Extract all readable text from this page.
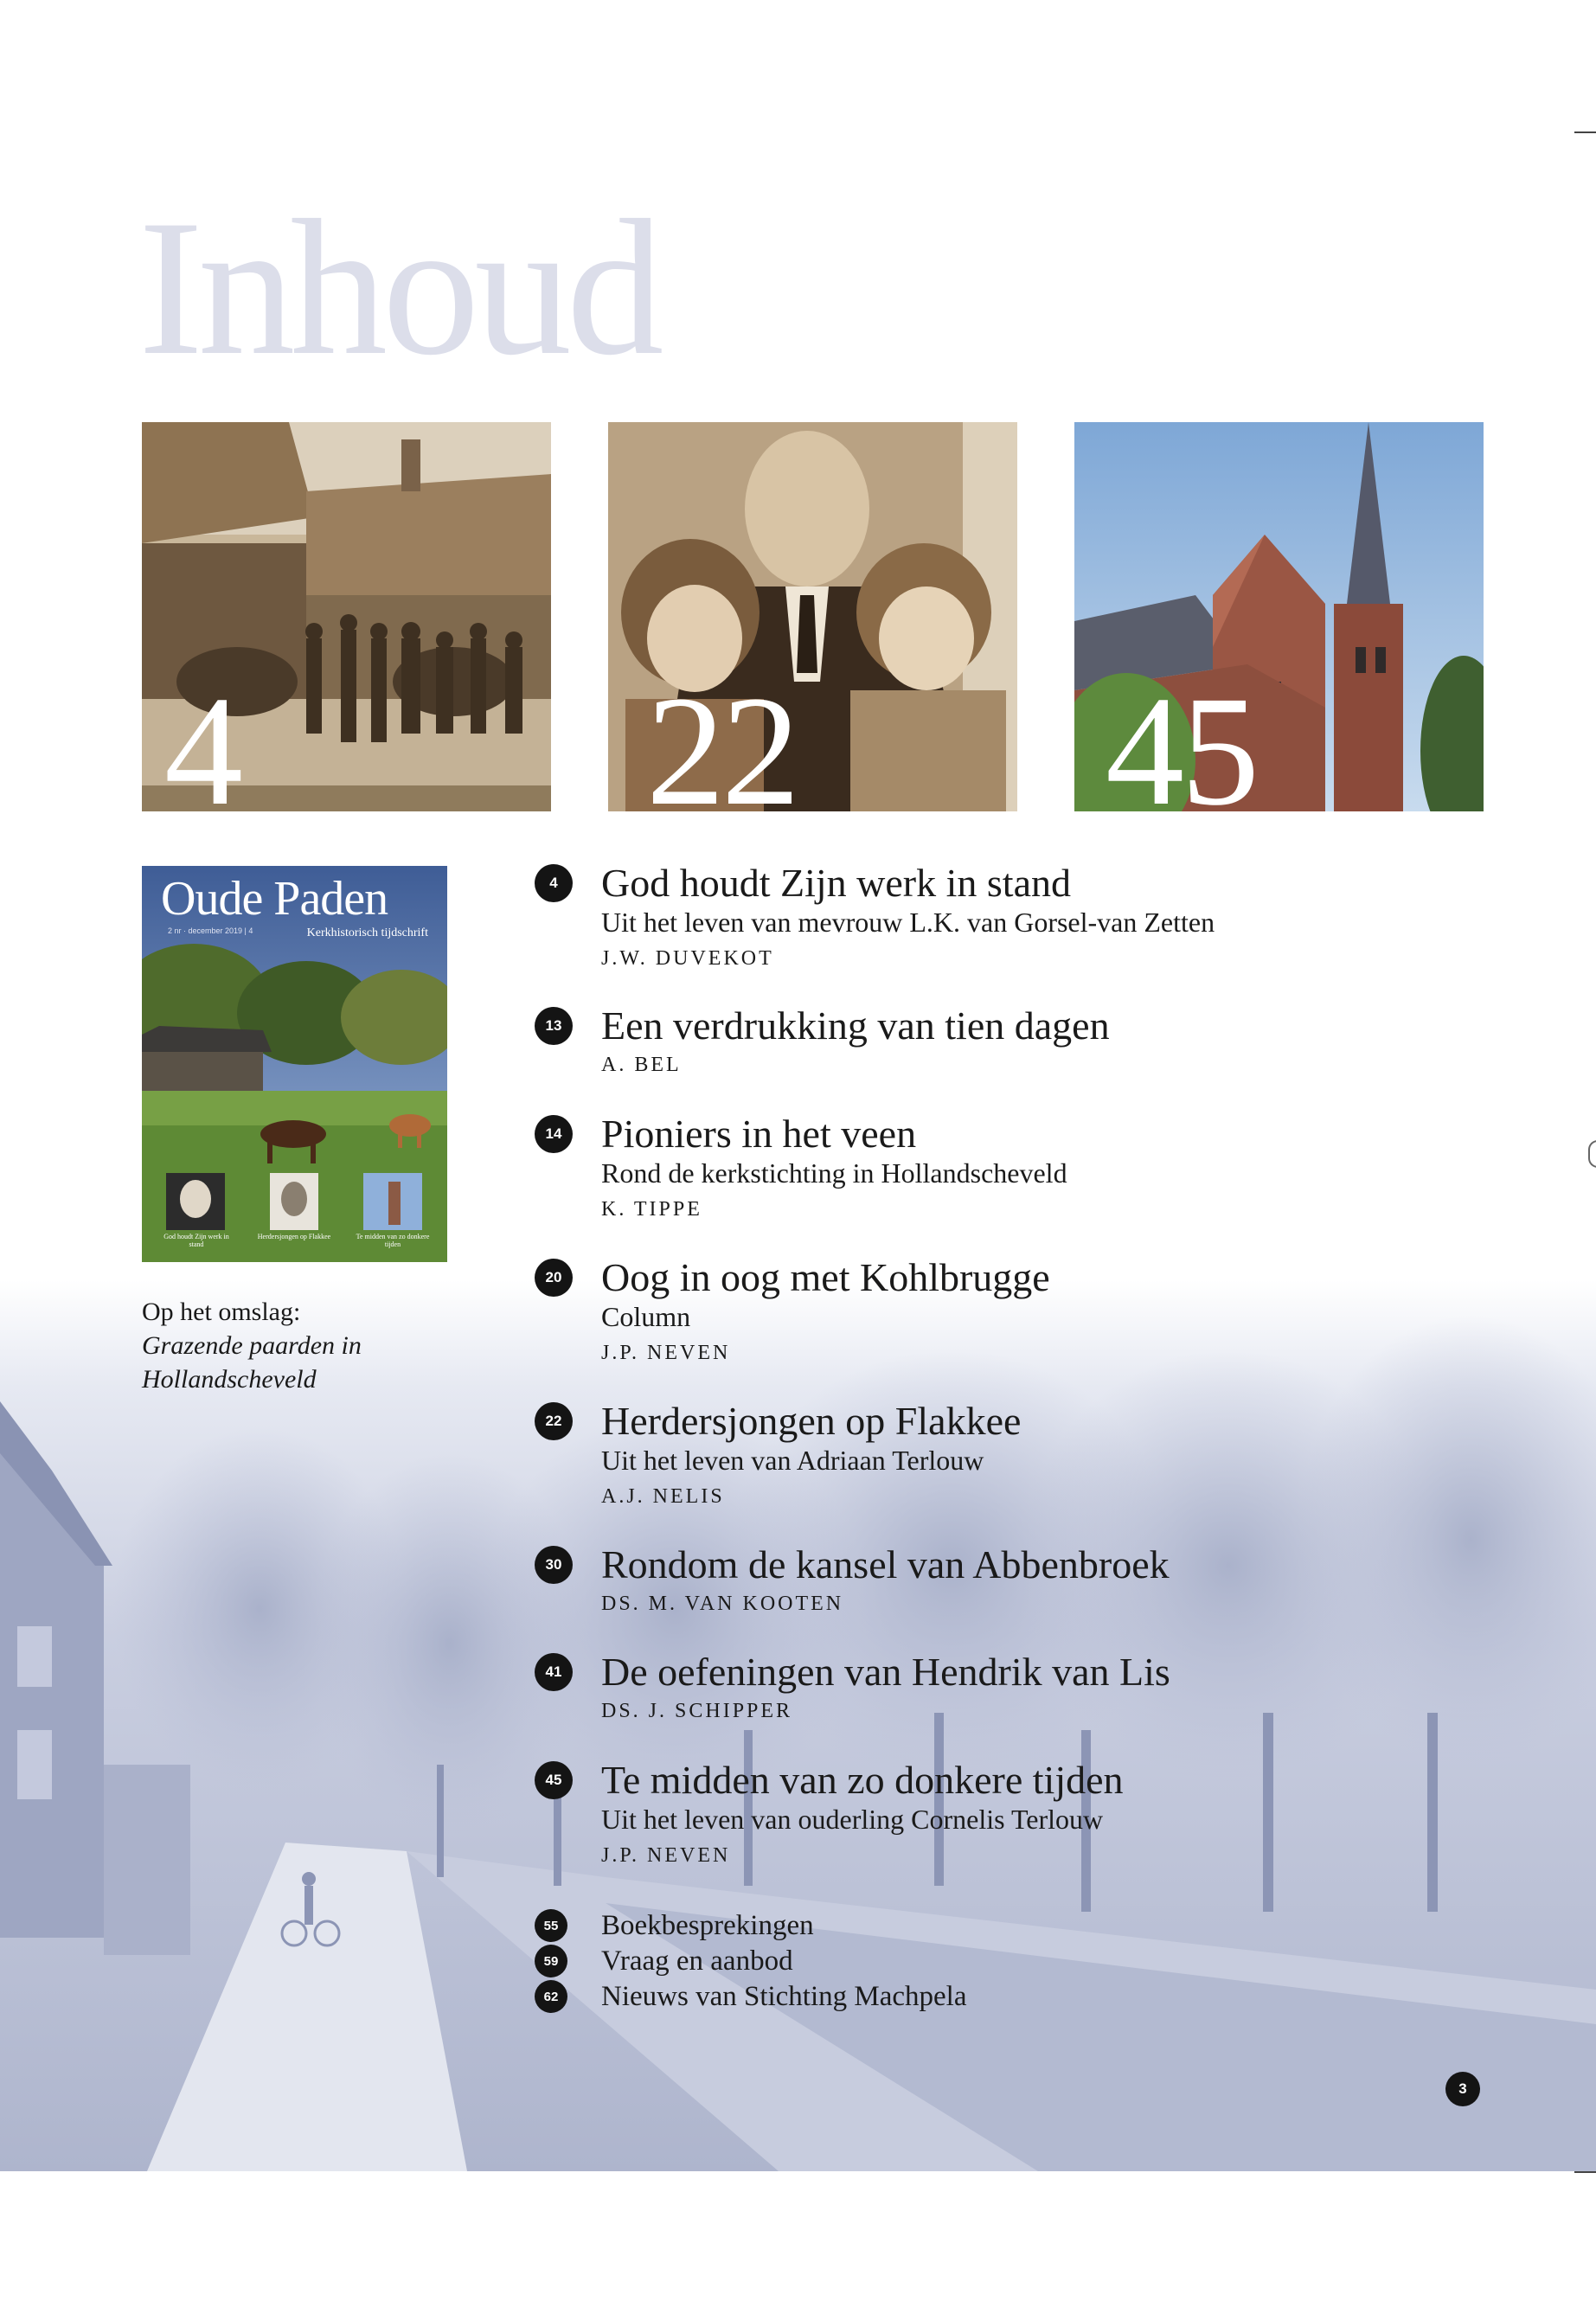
Inhoud
4	22 45
Oude Paden
2 nr · december 2019 | 4	Kerkhistorisch tijdschrift
God houdt Zijn werk in stand
Herdersjongen op Flakkee	Te midden van zo donkere tijden
Op het omslag:
Grazende paarden in Hollandscheveld
4	God houdt Zijn werk in stand
Uit het leven van mevrouw L.K. van Gorsel-van Zetten
J.W. DUVEKOT
13 Een verdrukking van tien dagen
A. BEL
14 Pioniers in het veen
Rond de kerkstichting in Hollandscheveld
K. TIPPE
20 Oog in oog met Kohlbrugge
Column
J.P. NEVEN
22 Herdersjongen op Flakkee
Uit het leven van Adriaan Terlouw
A.J. NELIS
30 Rondom de kansel van Abbenbroek
DS. M. VAN KOOTEN
41 De oefeningen van Hendrik van Lis
DS. J. SCHIPPER
45 Te midden van zo donkere tijden
Uit het leven van ouderling Cornelis Terlouw
J.P. NEVEN
55	Boekbesprekingen
59	Vraag en aanbod
62	Nieuws van Stichting Machpela
3
